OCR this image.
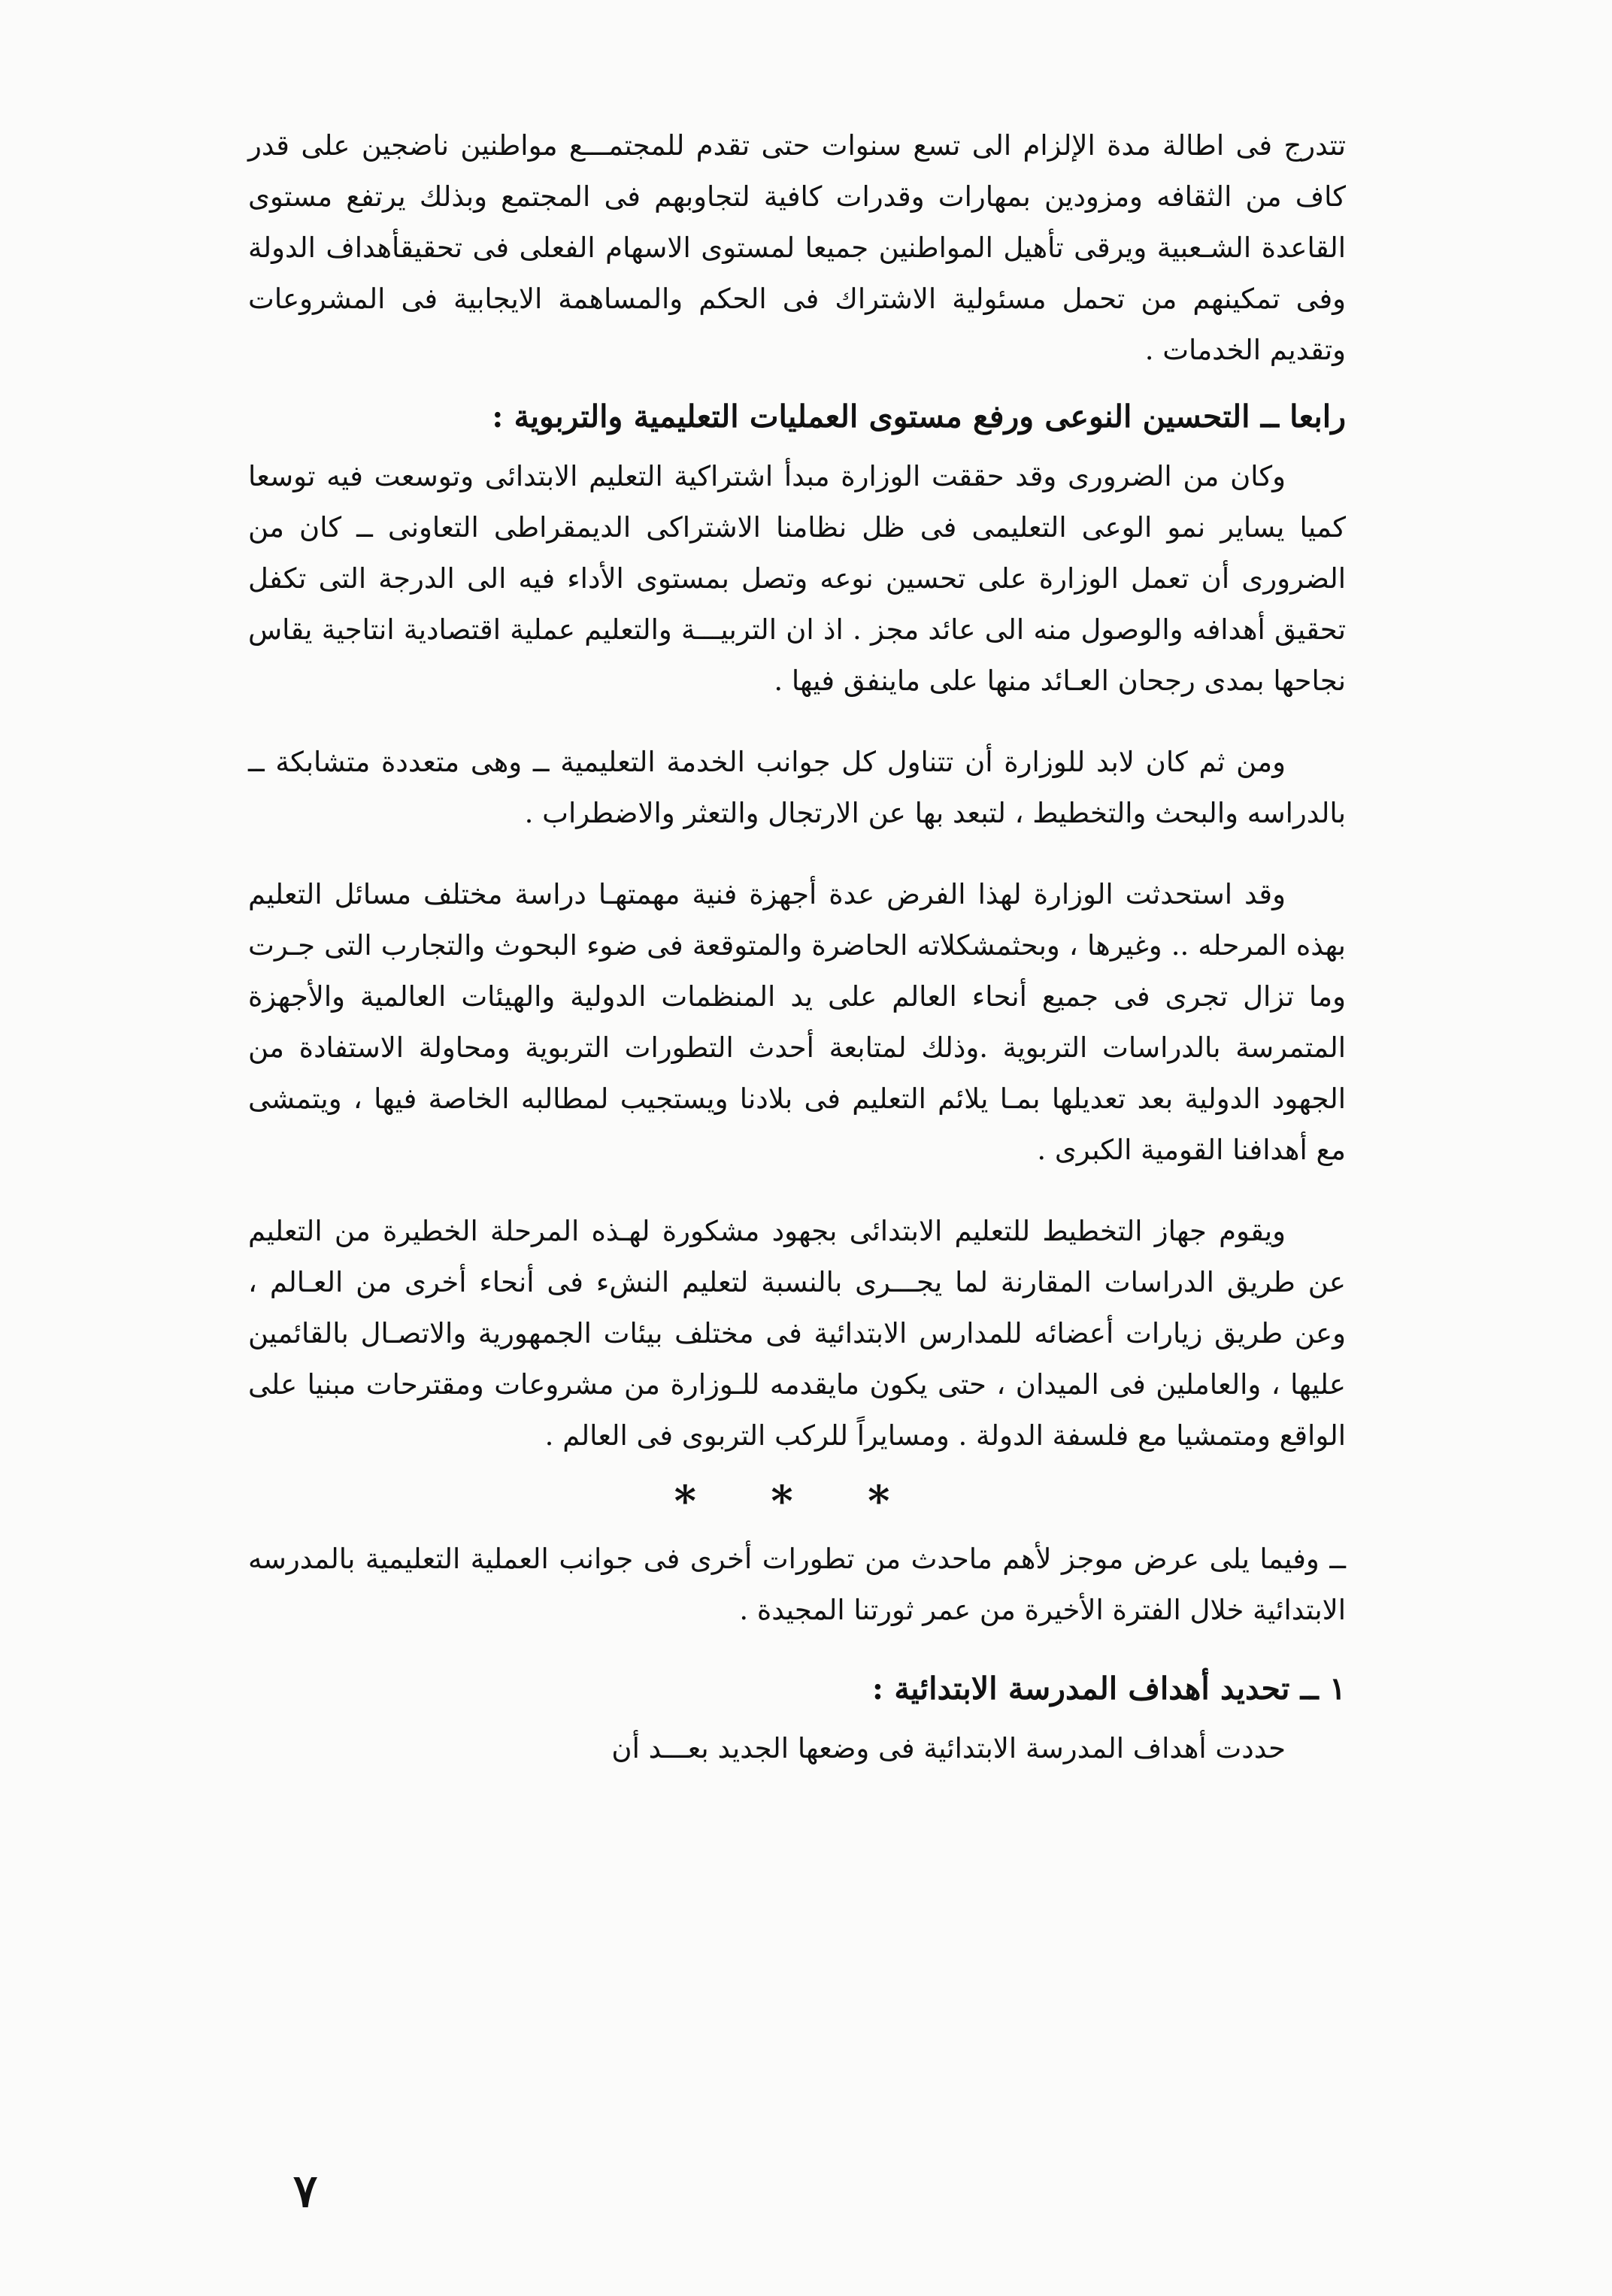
تتدرج فى اطالة مدة الإلزام الى تسع سنوات حتى تقدم للمجتمـــع مواطنين ناضجين على قدر كاف من الثقافه ومزودين بمهارات وقدرات كافية لتجاوبهم فى المجتمع وبذلك يرتفع مستوى القاعدة الشـعبية ويرقى تأهيل المواطنين جميعا لمستوى الاسهام الفعلى فى تحقيقأهداف الدولة وفى تمكينهم من تحمل مسئولية الاشتراك فى الحكم والمساهمة الايجابية فى المشروعات وتقديم الخدمات .

رابعا ــ التحسين النوعى ورفع مستوى العمليات التعليمية والتربوية :

وكان من الضرورى وقد حققت الوزارة مبدأ اشتراكية التعليم الابتدائى وتوسعت فيه توسعا كميا يساير نمو الوعى التعليمى فى ظل نظامنا الاشتراكى الديمقراطى التعاونى ــ كان من الضرورى أن تعمل الوزارة على تحسين نوعه وتصل بمستوى الأداء فيه الى الدرجة التى تكفل تحقيق أهدافه والوصول منه الى عائد مجز . اذ ان التربيـــة والتعليم عملية اقتصادية انتاجية يقاس نجاحها بمدى رجحان العـائد منها على ماينفق فيها .

ومن ثم كان لابد للوزارة أن تتناول كل جوانب الخدمة التعليمية ــ وهى متعددة متشابكة ــ بالدراسه والبحث والتخطيط ، لتبعد بها عن الارتجال والتعثر والاضطراب .

وقد استحدثت الوزارة لهذا الفرض عدة أجهزة فنية مهمتهـا دراسة مختلف مسائل التعليم بهذه المرحله .. وغيرها ، وبحثمشكلاته الحاضرة والمتوقعة فى ضوء البحوث والتجارب التى جـرت وما تزال تجرى فى جميع أنحاء العالم على يد المنظمات الدولية والهيئات العالمية والأجهزة المتمرسة بالدراسات التربوية .وذلك لمتابعة أحدث التطورات التربوية ومحاولة الاستفادة من الجهود الدولية بعد تعديلها بمـا يلائم التعليم فى بلادنا ويستجيب لمطالبه الخاصة فيها ، ويتمشى مع أهدافنا القومية الكبرى .

ويقوم جهاز التخطيط للتعليم الابتدائى بجهود مشكورة لهـذه المرحلة الخطيرة من التعليم عن طريق الدراسات المقارنة لما يجـــرى بالنسبة لتعليم النشء فى أنحاء أخرى من العـالم ، وعن طريق زيارات أعضائه للمدارس الابتدائية فى مختلف بيئات الجمهورية والاتصـال بالقائمين عليها ، والعاملين فى الميدان ، حتى يكون مايقدمه للـوزارة من مشروعات ومقترحات مبنيا على الواقع ومتمشيا مع فلسفة الدولة . ومسايراً للركب التربوى فى العالم .

* * *

ــ وفيما يلى عرض موجز لأهم ماحدث من تطورات أخرى فى جوانب العملية التعليمية بالمدرسه الابتدائية خلال الفترة الأخيرة من عمر ثورتنا المجيدة .

١ ــ تحديد أهداف المدرسة الابتدائية :

حددت أهداف المدرسة الابتدائية فى وضعها الجديد بعـــد أن

٧
